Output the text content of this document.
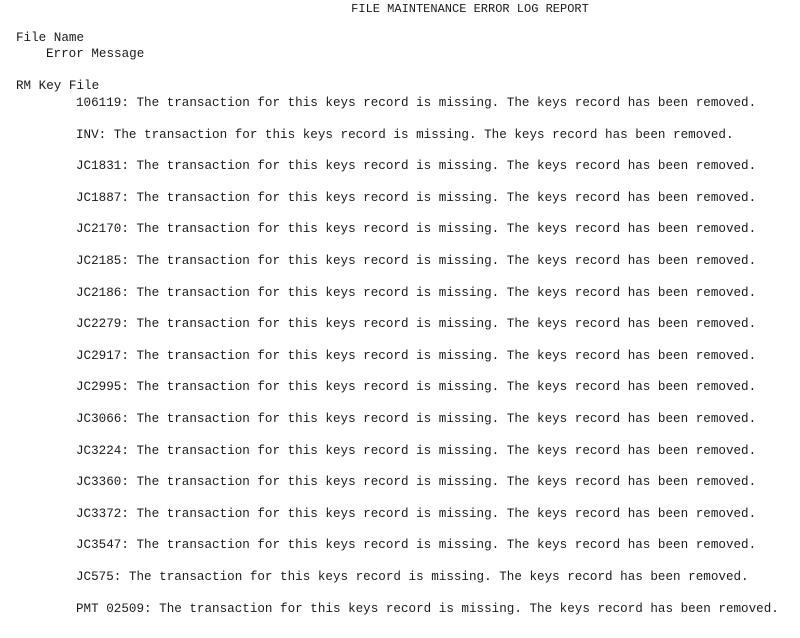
FILE MAINTENANCE ERROR LOG REPORT
File Name
Error Message
RM Key File
106119: The transaction for this keys record is missing. The keys record has been removed.
INV: The transaction for this keys record is missing. The keys record has been removed.
JC1831: The transaction for this keys record is missing. The keys record has been removed.
JC1887: The transaction for this keys record is missing. The keys record has been removed.
JC2170: The transaction for this keys record is missing. The keys record has been removed.
JC2185: The transaction for this keys record is missing. The keys record has been removed.
JC2186: The transaction for this keys record is missing. The keys record has been removed.
JC2279: The transaction for this keys record is missing. The keys record has been removed.
JC2917: The transaction for this keys record is missing. The keys record has been removed.
JC2995: The transaction for this keys record is missing. The keys record has been removed.
JC3066: The transaction for this keys record is missing. The keys record has been removed.
JC3224: The transaction for this keys record is missing. The keys record has been removed.
JC3360: The transaction for this keys record is missing. The keys record has been removed.
JC3372: The transaction for this keys record is missing. The keys record has been removed.
JC3547: The transaction for this keys record is missing. The keys record has been removed.
JC575: The transaction for this keys record is missing. The keys record has been removed.
PMT 02509: The transaction for this keys record is missing. The keys record has been removed.
